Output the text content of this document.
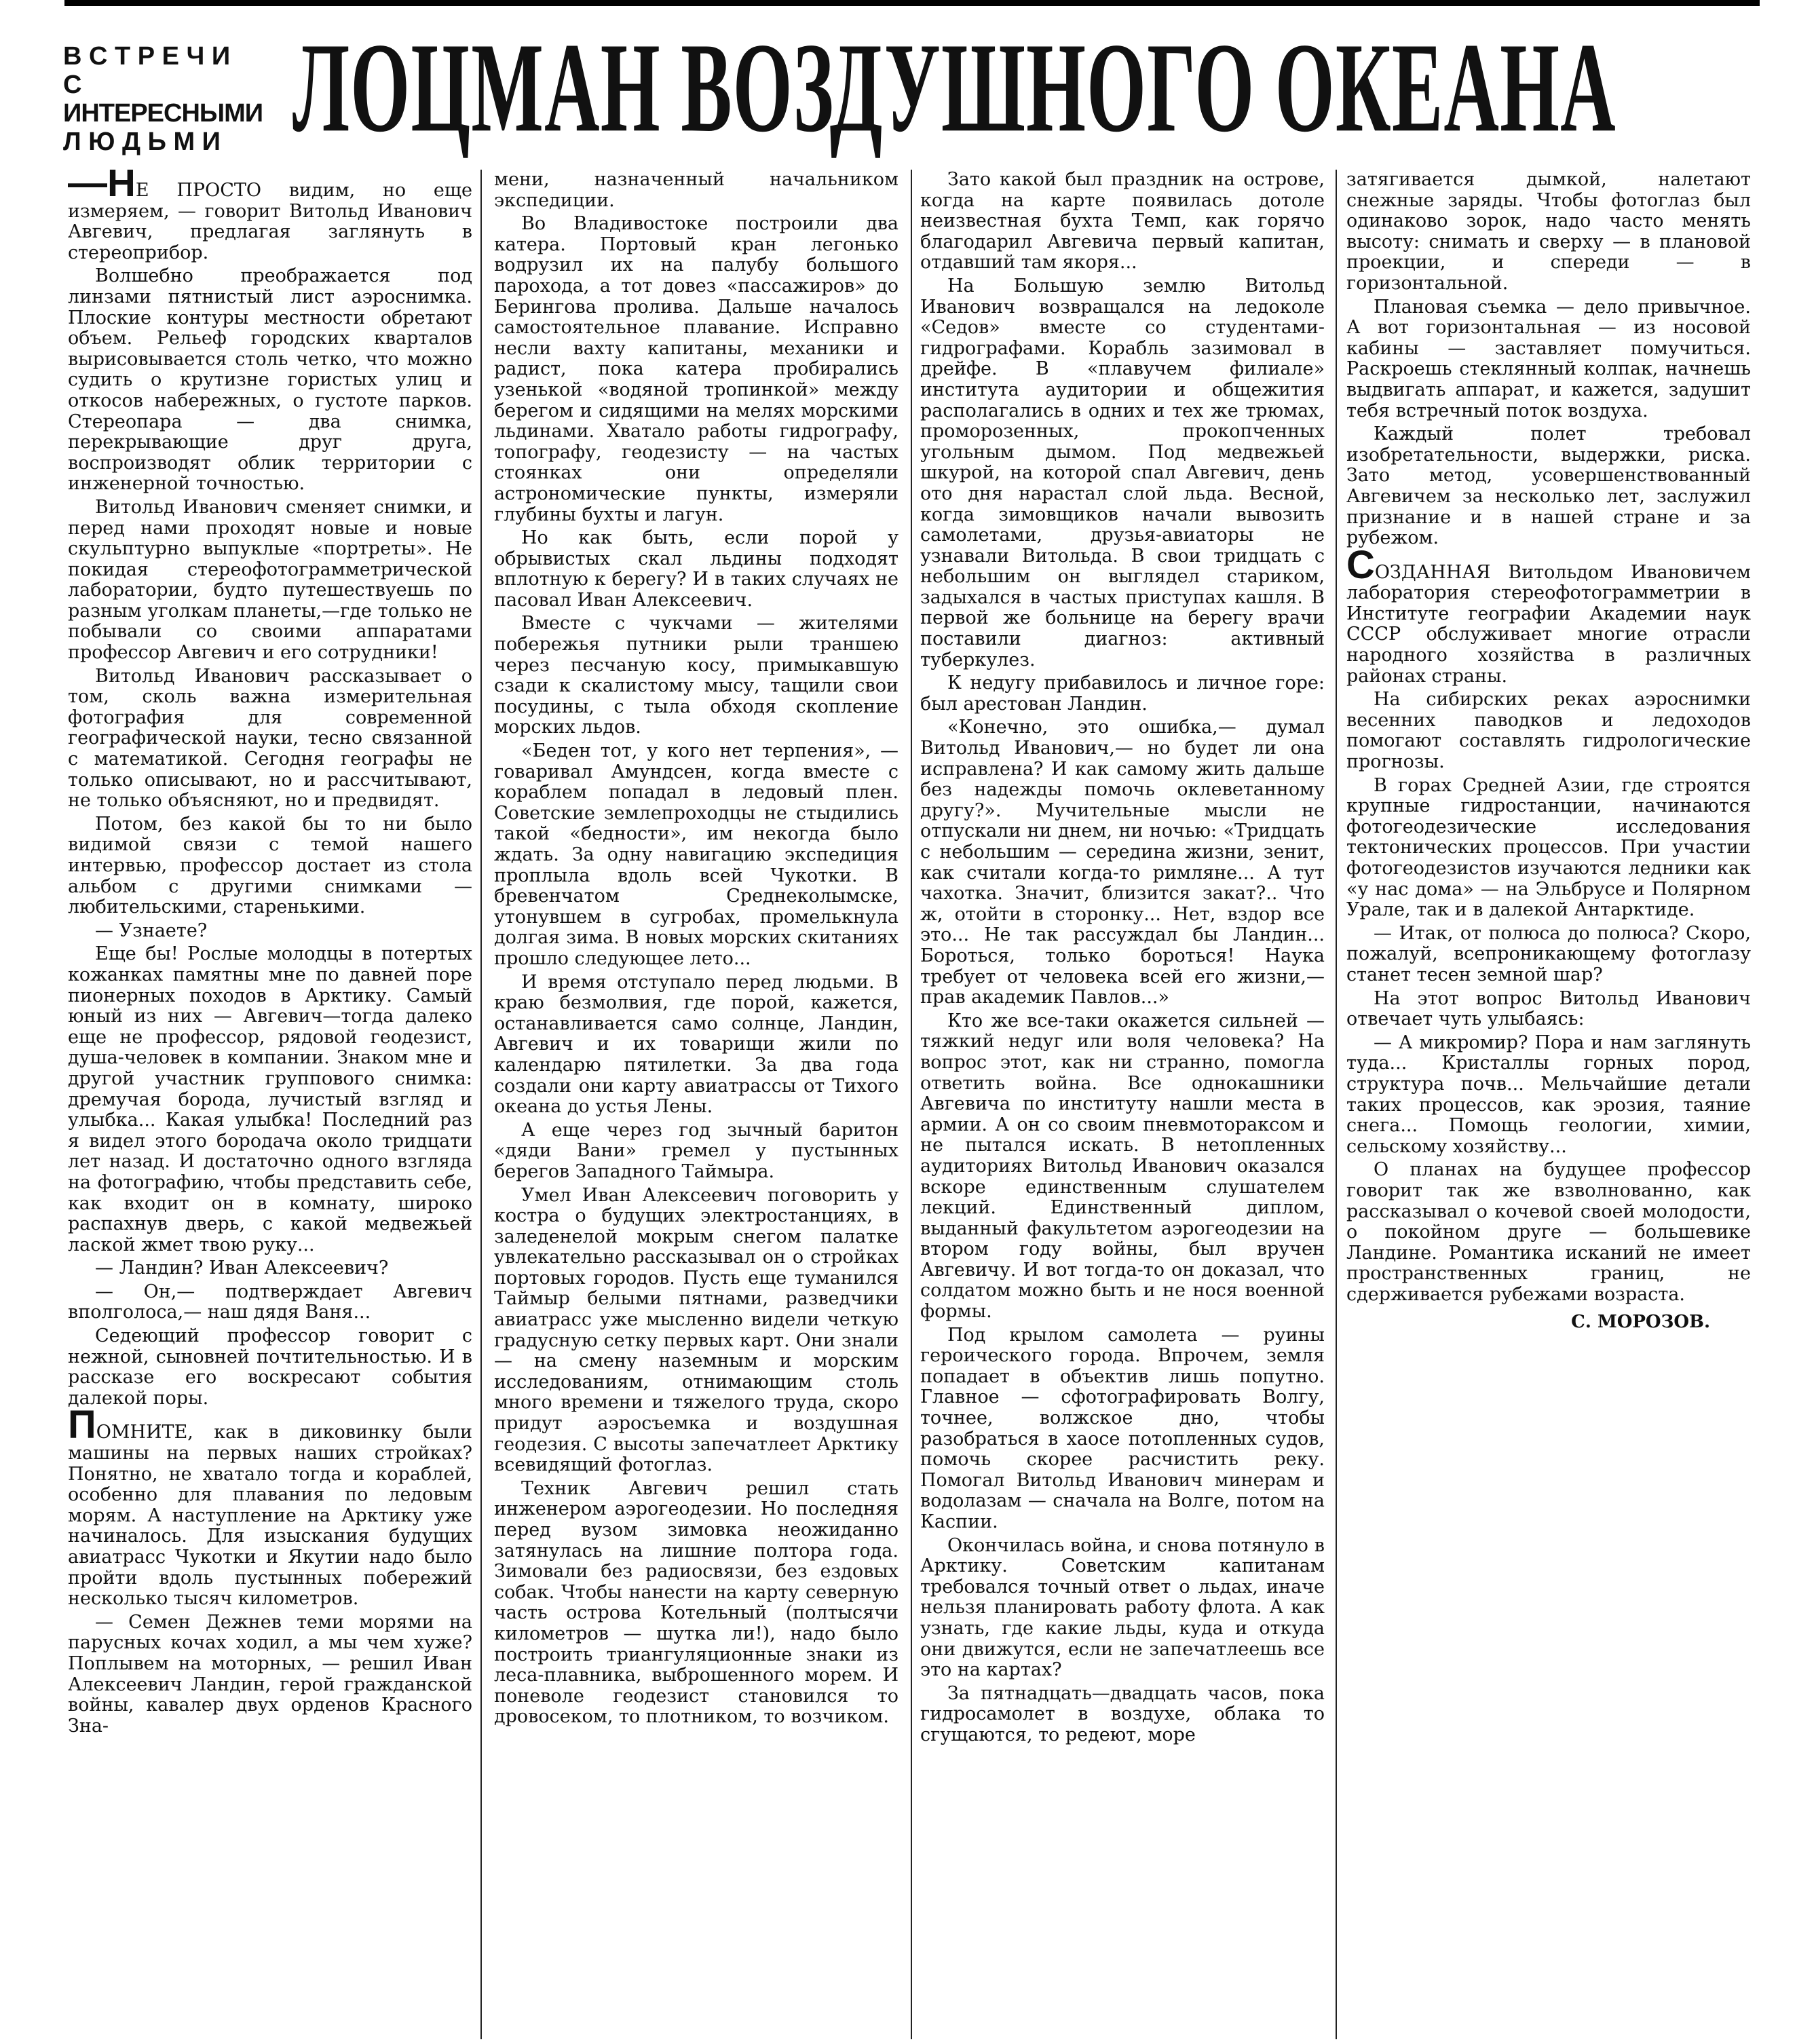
В С Т Р Е Ч И
С ИНТЕРЕСНЫМИ
Л Ю Д Ь М И ЛОЦМАН ВОЗДУШНОГО ОКЕАНА

—НЕ ПРОСТО видим, но еще измеряем, — говорит Витольд Иванович Авгевич, предлагая заглянуть в стереоприбор.

Волшебно преображается под линзами пятнистый лист аэроснимка. Плоские контуры местности обретают объем. Рельеф городских кварталов вырисовывается столь четко, что можно судить о крутизне гористых улиц и откосов набережных, о густоте парков. Стереопара — два снимка, перекрывающие друг друга, воспроизводят облик территории с инженерной точностью.

Витольд Иванович сменяет снимки, и перед нами проходят новые и новые скульптурно выпуклые «портреты». Не покидая стереофотограмметрической лаборатории, будто путешествуешь по разным уголкам планеты,—где только не побывали со своими аппаратами профессор Авгевич и его сотрудники!

Витольд Иванович рассказывает о том, сколь важна измерительная фотография для современной географической науки, тесно связанной с математикой. Сегодня географы не только описывают, но и рассчитывают, не только объясняют, но и предвидят.

Потом, без какой бы то ни было видимой связи с темой нашего интервью, профессор достает из стола альбом с другими снимками — любительскими, старенькими.

— Узнаете?

Еще бы! Рослые молодцы в потертых кожанках памятны мне по давней поре пионерных походов в Арктику. Самый юный из них — Авгевич—тогда далеко еще не профессор, рядовой геодезист, душа-человек в компании. Знаком мне и другой участник группового снимка: дремучая борода, лучистый взгляд и улыбка... Какая улыбка! Последний раз я видел этого бородача около тридцати лет назад. И достаточно одного взгляда на фотографию, чтобы представить себе, как входит он в комнату, широко распахнув дверь, с какой медвежьей лаской жмет твою руку...

— Ландин? Иван Алексеевич?

— Он,— подтверждает Авгевич вполголоса,— наш дядя Ваня...

Седеющий профессор говорит с нежной, сыновней почтительностью. И в рассказе его воскресают события далекой поры.

ПОМНИТЕ, как в диковинку были машины на первых наших стройках? Понятно, не хватало тогда и кораблей, особенно для плавания по ледовым морям. А наступление на Арктику уже начиналось. Для изыскания будущих авиатрасс Чукотки и Якутии надо было пройти вдоль пустынных побережий несколько тысяч километров.

— Семен Дежнев теми морями на парусных кочах ходил, а мы чем хуже? Поплывем на моторных, — решил Иван Алексеевич Ландин, герой гражданской войны, кавалер двух орденов Красного Зна-

мени, назначенный начальником экспедиции.

Во Владивостоке построили два катера. Портовый кран легонько водрузил их на палубу большого парохода, а тот довез «пассажиров» до Берингова пролива. Дальше началось самостоятельное плавание. Исправно несли вахту капитаны, механики и радист, пока катера пробирались узенькой «водяной тропинкой» между берегом и сидящими на мелях морскими льдинами. Хватало работы гидрографу, топографу, геодезисту — на частых стоянках они определяли астрономические пункты, измеряли глубины бухты и лагун.

Но как быть, если порой у обрывистых скал льдины подходят вплотную к берегу? И в таких случаях не пасовал Иван Алексеевич.

Вместе с чукчами — жителями побережья путники рыли траншею через песчаную косу, примыкавшую сзади к скалистому мысу, тащили свои посудины, с тыла обходя скопление морских льдов.

«Беден тот, у кого нет терпения», — говаривал Амундсен, когда вместе с кораблем попадал в ледовый плен. Советские землепроходцы не стыдились такой «бедности», им некогда было ждать. За одну навигацию экспедиция проплыла вдоль всей Чукотки. В бревенчатом Среднеколымске, утонувшем в сугробах, промелькнула долгая зима. В новых морских скитаниях прошло следующее лето...

И время отступало перед людьми. В краю безмолвия, где порой, кажется, останавливается само солнце, Ландин, Авгевич и их товарищи жили по календарю пятилетки. За два года создали они карту авиатрассы от Тихого океана до устья Лены.

А еще через год зычный баритон «дяди Вани» гремел у пустынных берегов Западного Таймыра.

Умел Иван Алексеевич поговорить у костра о будущих электростанциях, в заледенелой мокрым снегом палатке увлекательно рассказывал он о стройках портовых городов. Пусть еще туманился Таймыр белыми пятнами, разведчики авиатрасс уже мысленно видели четкую градусную сетку первых карт. Они знали — на смену наземным и морским исследованиям, отнимающим столь много времени и тяжелого труда, скоро придут аэросъемка и воздушная геодезия. С высоты запечатлеет Арктику всевидящий фотоглаз.

Техник Авгевич решил стать инженером аэрогеодезии. Но последняя перед вузом зимовка неожиданно затянулась на лишние полтора года. Зимовали без радиосвязи, без ездовых собак. Чтобы нанести на карту северную часть острова Котельный (полтысячи километров — шутка ли!), надо было построить триангуляционные знаки из леса-плавника, выброшенного морем. И поневоле геодезист становился то дровосеком, то плотником, то возчиком.

Зато какой был праздник на острове, когда на карте появилась дотоле неизвестная бухта Темп, как горячо благодарил Авгевича первый капитан, отдавший там якоря...

На Большую землю Витольд Иванович возвращался на ледоколе «Седов» вместе со студентами-гидрографами. Корабль зазимовал в дрейфе. В «плавучем филиале» института аудитории и общежития располагались в одних и тех же трюмах, проморозенных, прокопченных угольным дымом. Под медвежьей шкурой, на которой спал Авгевич, день ото дня нарастал слой льда. Весной, когда зимовщиков начали вывозить самолетами, друзья-авиаторы не узнавали Витольда. В свои тридцать с небольшим он выглядел стариком, задыхался в частых приступах кашля. В первой же больнице на берегу врачи поставили диагноз: активный туберкулез.

К недугу прибавилось и личное горе: был арестован Ландин.

«Конечно, это ошибка,— думал Витольд Иванович,— но будет ли она исправлена? И как самому жить дальше без надежды помочь оклеветанному другу?». Мучительные мысли не отпускали ни днем, ни ночью: «Тридцать с небольшим — середина жизни, зенит, как считали когда-то римляне... А тут чахотка. Значит, близится закат?.. Что ж, отойти в сторонку... Нет, вздор все это... Не так рассуждал бы Ландин... Бороться, только бороться! Наука требует от человека всей его жизни,— прав академик Павлов...»

Кто же все-таки окажется сильней — тяжкий недуг или воля человека? На вопрос этот, как ни странно, помогла ответить война. Все однокашники Авгевича по институту нашли места в армии. А он со своим пневмотораксом и не пытался искать. В нетопленных аудиториях Витольд Иванович оказался вскоре единственным слушателем лекций. Единственный диплом, выданный факультетом аэрогеодезии на втором году войны, был вручен Авгевичу. И вот тогда-то он доказал, что солдатом можно быть и не нося военной формы.

Под крылом самолета — руины героического города. Впрочем, земля попадает в объектив лишь попутно. Главное — сфотографировать Волгу, точнее, волжское дно, чтобы разобраться в хаосе потопленных судов, помочь скорее расчистить реку. Помогал Витольд Иванович минерам и водолазам — сначала на Волге, потом на Каспии.

Окончилась война, и снова потянуло в Арктику. Советским капитанам требовался точный ответ о льдах, иначе нельзя планировать работу флота. А как узнать, где какие льды, куда и откуда они движутся, если не запечатлеешь все это на картах?

За пятнадцать—двадцать часов, пока гидросамолет в воздухе, облака то сгущаются, то редеют, море

затягивается дымкой, налетают снежные заряды. Чтобы фотоглаз был одинаково зорок, надо часто менять высоту: снимать и сверху — в плановой проекции, и спереди — в горизонтальной.

Плановая съемка — дело привычное. А вот горизонтальная — из носовой кабины — заставляет помучиться. Раскроешь стеклянный колпак, начнешь выдвигать аппарат, и кажется, задушит тебя встречный поток воздуха.

Каждый полет требовал изобретательности, выдержки, риска. Зато метод, усовершенствованный Авгевичем за несколько лет, заслужил признание и в нашей стране и за рубежом.

СОЗДАННАЯ Витольдом Ивановичем лаборатория стереофотограмметрии в Институте географии Академии наук СССР обслуживает многие отрасли народного хозяйства в различных районах страны.

На сибирских реках аэроснимки весенних паводков и ледоходов помогают составлять гидрологические прогнозы.

В горах Средней Азии, где строятся крупные гидростанции, начинаются фотогеодезические исследования тектонических процессов. При участии фотогеодезистов изучаются ледники как «у нас дома» — на Эльбрусе и Полярном Урале, так и в далекой Антарктиде.

— Итак, от полюса до полюса? Скоро, пожалуй, всепроникающему фотоглазу станет тесен земной шар?

На этот вопрос Витольд Иванович отвечает чуть улыбаясь:

— А микромир? Пора и нам заглянуть туда... Кристаллы горных пород, структура почв... Мельчайшие детали таких процессов, как эрозия, таяние снега... Помощь геологии, химии, сельскому хозяйству...

О планах на будущее профессор говорит так же взволнованно, как рассказывал о кочевой своей молодости, о покойном друге — большевике Ландине. Романтика исканий не имеет пространственных границ, не сдерживается рубежами возраста.

С. МОРОЗОВ.
